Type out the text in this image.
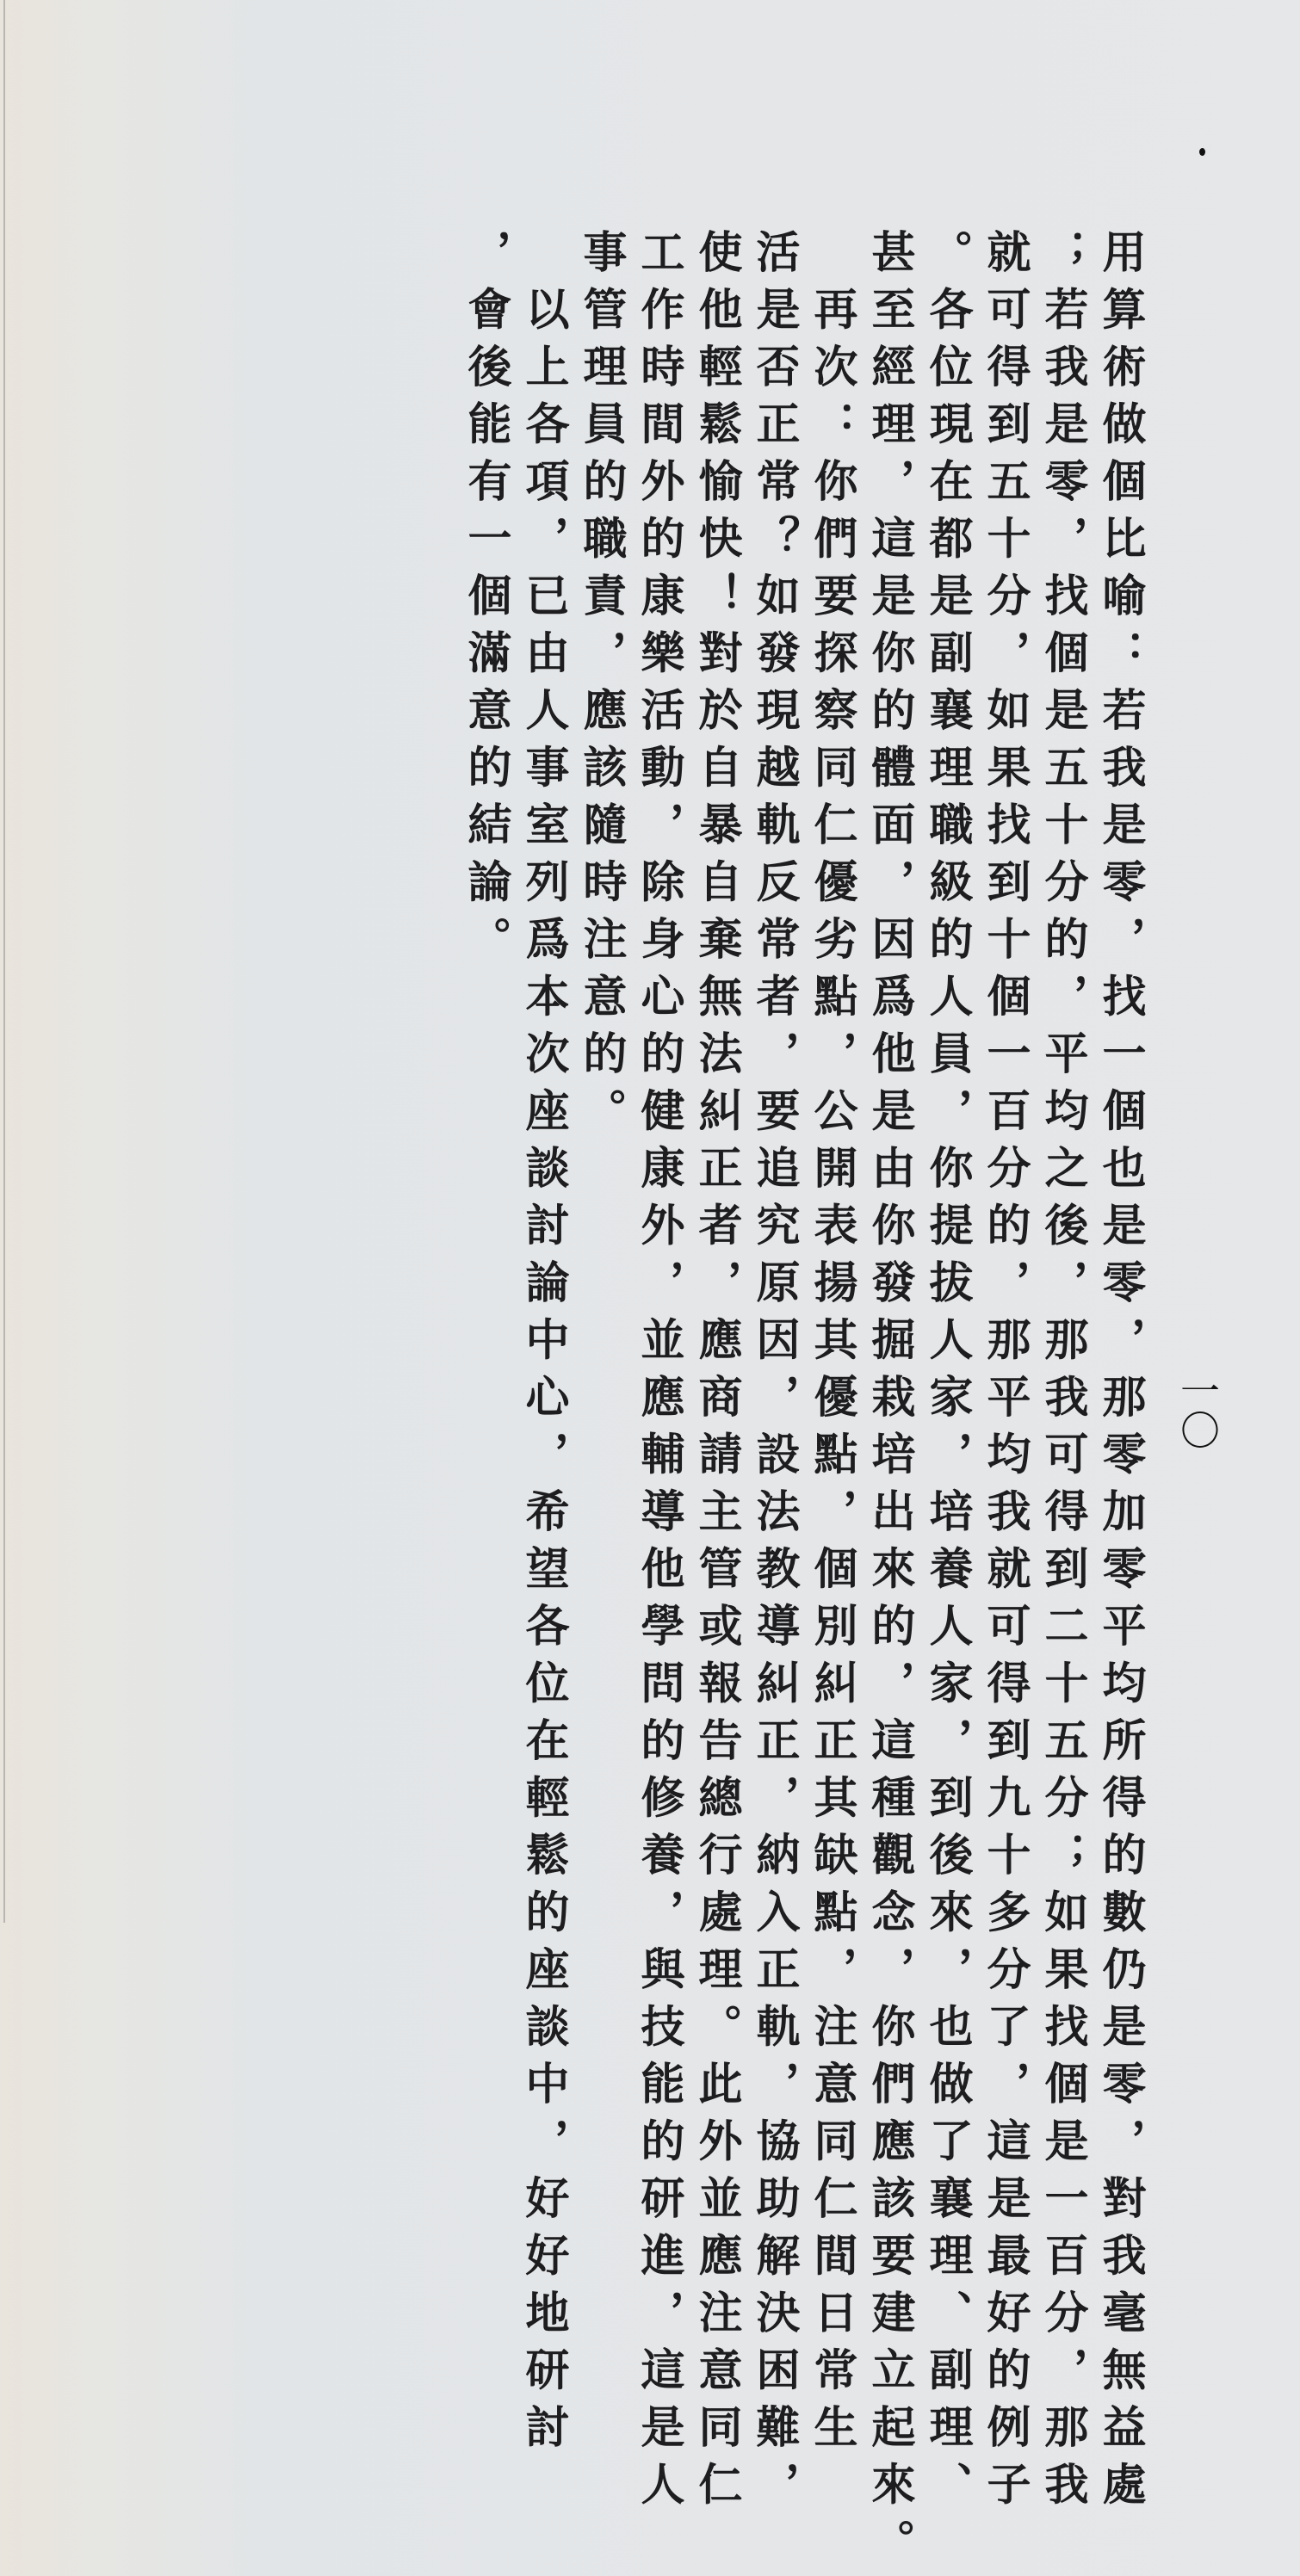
用算術做個比喻：若我是零，找一個也是零，那零加零平均所得的數仍是零，對我毫無益處
；若我是零，找個是五十分的，平均之後，那我可得到二十五分；如果找個是一百分，那我
就可得到五十分，如果找到十個一百分的，那平均我就可得到九十多分了，這是最好的例子
。各位現在都是副襄理職級的人員，你提拔人家，培養人家，到後來，也做了襄理、副理、
甚至經理，這是你的體面，因爲他是由你發掘栽培出來的，這種觀念，你們應該要建立起來。
　再次：你們要探察同仁優劣點，公開表揚其優點，個別糾正其缺點，注意同仁間日常生
活是否正常？如發現越軌反常者，要追究原因，設法教導糾正，納入正軌，協助解決困難，
使他輕鬆愉快！對於自暴自棄無法糾正者，應商請主管或報告總行處理。此外並應注意同仁
工作時間外的康樂活動，除身心的健康外，並應輔導他學問的修養，與技能的研進，這是人
事管理員的職責，應該隨時注意的。
　以上各項，已由人事室列爲本次座談討論中心，希望各位在輕鬆的座談中，好好地研討
，會後能有一個滿意的結論。
一〇
